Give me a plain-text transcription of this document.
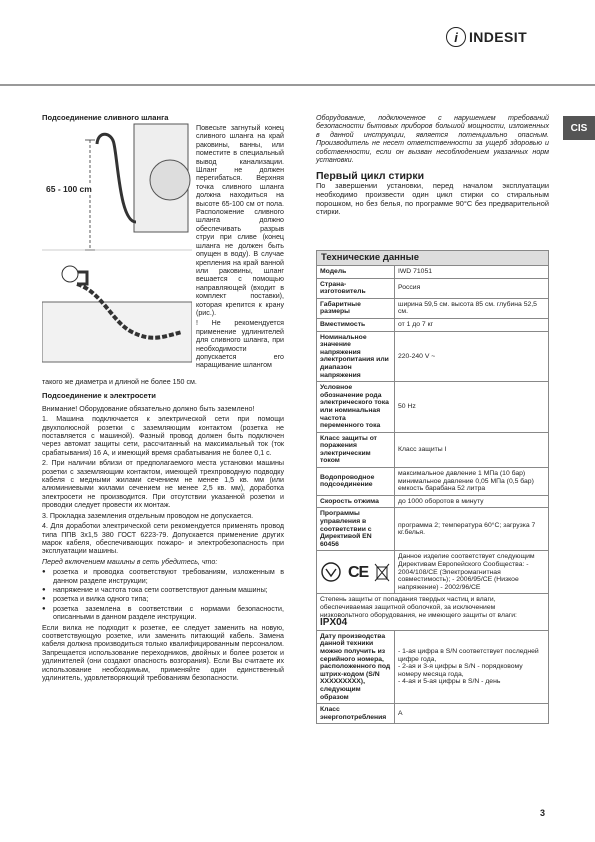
i INDESIT
CIS
65 - 100 cm
Подсоединение сливного шланга

Повесьте загнутый конец сливного шланга на край раковины, ванны, или поместите в специальный вывод канализации. Шланг не должен перегибаться. Верхняя точка сливного шланга должна находиться на высоте 65-100 см от пола. Расположение сливного шланга должно обеспечивать разрыв струи при сливе (конец шланга не должен быть опущен в воду). В случае крепления на край ванной или раковины, шланг вешается с помощью направляющей (входит в комплект поставки), которая крепится к крану (рис.).

! Не рекомендуется применение удлинителей для сливного шланга, при необходимости допускается его наращивание шлангом

такого же диаметра и длиной не более 150 см.

Подсоединение к электросети

Внимание! Оборудование обязательно должно быть заземлено!

1. Машина подключается к электрической сети при помощи двухполюсной розетки с заземляющим контактом (розетка не поставляется с машиной). Фазный провод должен быть подключен через автомат защиты сети, рассчитанный на максимальный ток (ток срабатывания) 16 А, и имеющий время срабатывания не более 0,1 с.

2. При наличии вблизи от предполагаемого места установки машины розетки с заземляющим контактом, имеющей трехпроводную подводку кабеля с медными жилами сечением не менее 1,5 кв. мм (или алюминиевыми жилами сечением не менее 2,5 кв. мм), доработка электросети не производится. При отсутствии указанной розетки и проводки следует провести их монтаж.

3. Прокладка заземления отдельным проводом не допускается.

4. Для доработки электрической сети рекомендуется применять провод типа ППВ 3х1,5 380 ГОСТ 6223-79. Допускается применение других марок кабеля, обеспечивающих пожаро- и электробезопасность при эксплуатации машины.

Перед включением машины в сеть убедитесь, что:

● розетка и проводка соответствуют требованиям, изложенным в данном разделе инструкции;
● напряжение и частота тока сети соответствуют данным машины;
● розетка и вилка одного типа;
● розетка заземлена в соответствии с нормами безопасности, описанными в данном разделе инструкции.

Если вилка не подходит к розетке, ее следует заменить на новую, соответствующую розетке, или заменить питающий кабель. Замена кабеля должна производиться только квалифицированным персоналом. Запрещается использование переходников, двойных и более розеток и удлинителей (они создают опасность возгорания). Если Вы считаете их использование необходимым, применяйте один единственный удлинитель, удовлетворяющий требованиям безопасности.

Оборудование, подключенное с нарушением требований безопасности бытовых приборов большой мощности, изложенных в данной инструкции, является потенциально опасным. Производитель не несет ответственности за ущерб здоровью и собственности, если он вызван несоблюдением указанных норм установки.

Первый цикл стирки

По завершении установки, перед началом эксплуатации необходимо произвести один цикл стирки со стиральным порошком, но без белья, по программе 90°С без предварительной стирки.

Технические данные
Модель	IWD 71051
Страна-изготовитель	Россия
Габаритные размеры	ширина 59,5 см. высота 85 см. глубина 52,5 см.
Вместимость	от 1 до 7 кг
Номинальное значение напряжения электропитания или диапазон напряжения	220-240 V ~
Условное обозначение рода электрического тока или номинальная частота переменного тока	50 Hz
Класс защиты от поражения электрическим током	Класс защиты I
Водопроводное подсоединение	максимальное давление 1 МПа (10 бар) минимальное давление 0,05 МПа (0,5 бар) емкость барабана 52 литра
Скорость отжима	до 1000 оборотов в минуту
Программы управления в соответствии с Директивой EN 60456	программа 2; температура 60°C; загрузка 7 кг.белья.

CE	Данное изделие соответствует следующим Директивам Европейского Сообщества: - 2004/108/CE (Электромагнитная совместимость); - 2006/95/CE (Низкое напряжение) - 2002/96/CE
Степень защиты от попадания твердых частиц и влаги, обеспечиваемая защитной оболочкой, за исключением низковольтного оборудования, не имеющего защиты от влаги: IPX04	
Дату производства данной техники можно получить из серийного номера, расположенного под штрих-кодом (S/N XXXXXXXXX), следующим образом	- 1-ая цифра в S/N соответствует последней цифре года,
- 2-ая и 3-я цифры в S/N - порядковому номеру месяца года,
- 4-ая и 5-ая цифры в S/N - день

Класс энергопотребления	A
3
